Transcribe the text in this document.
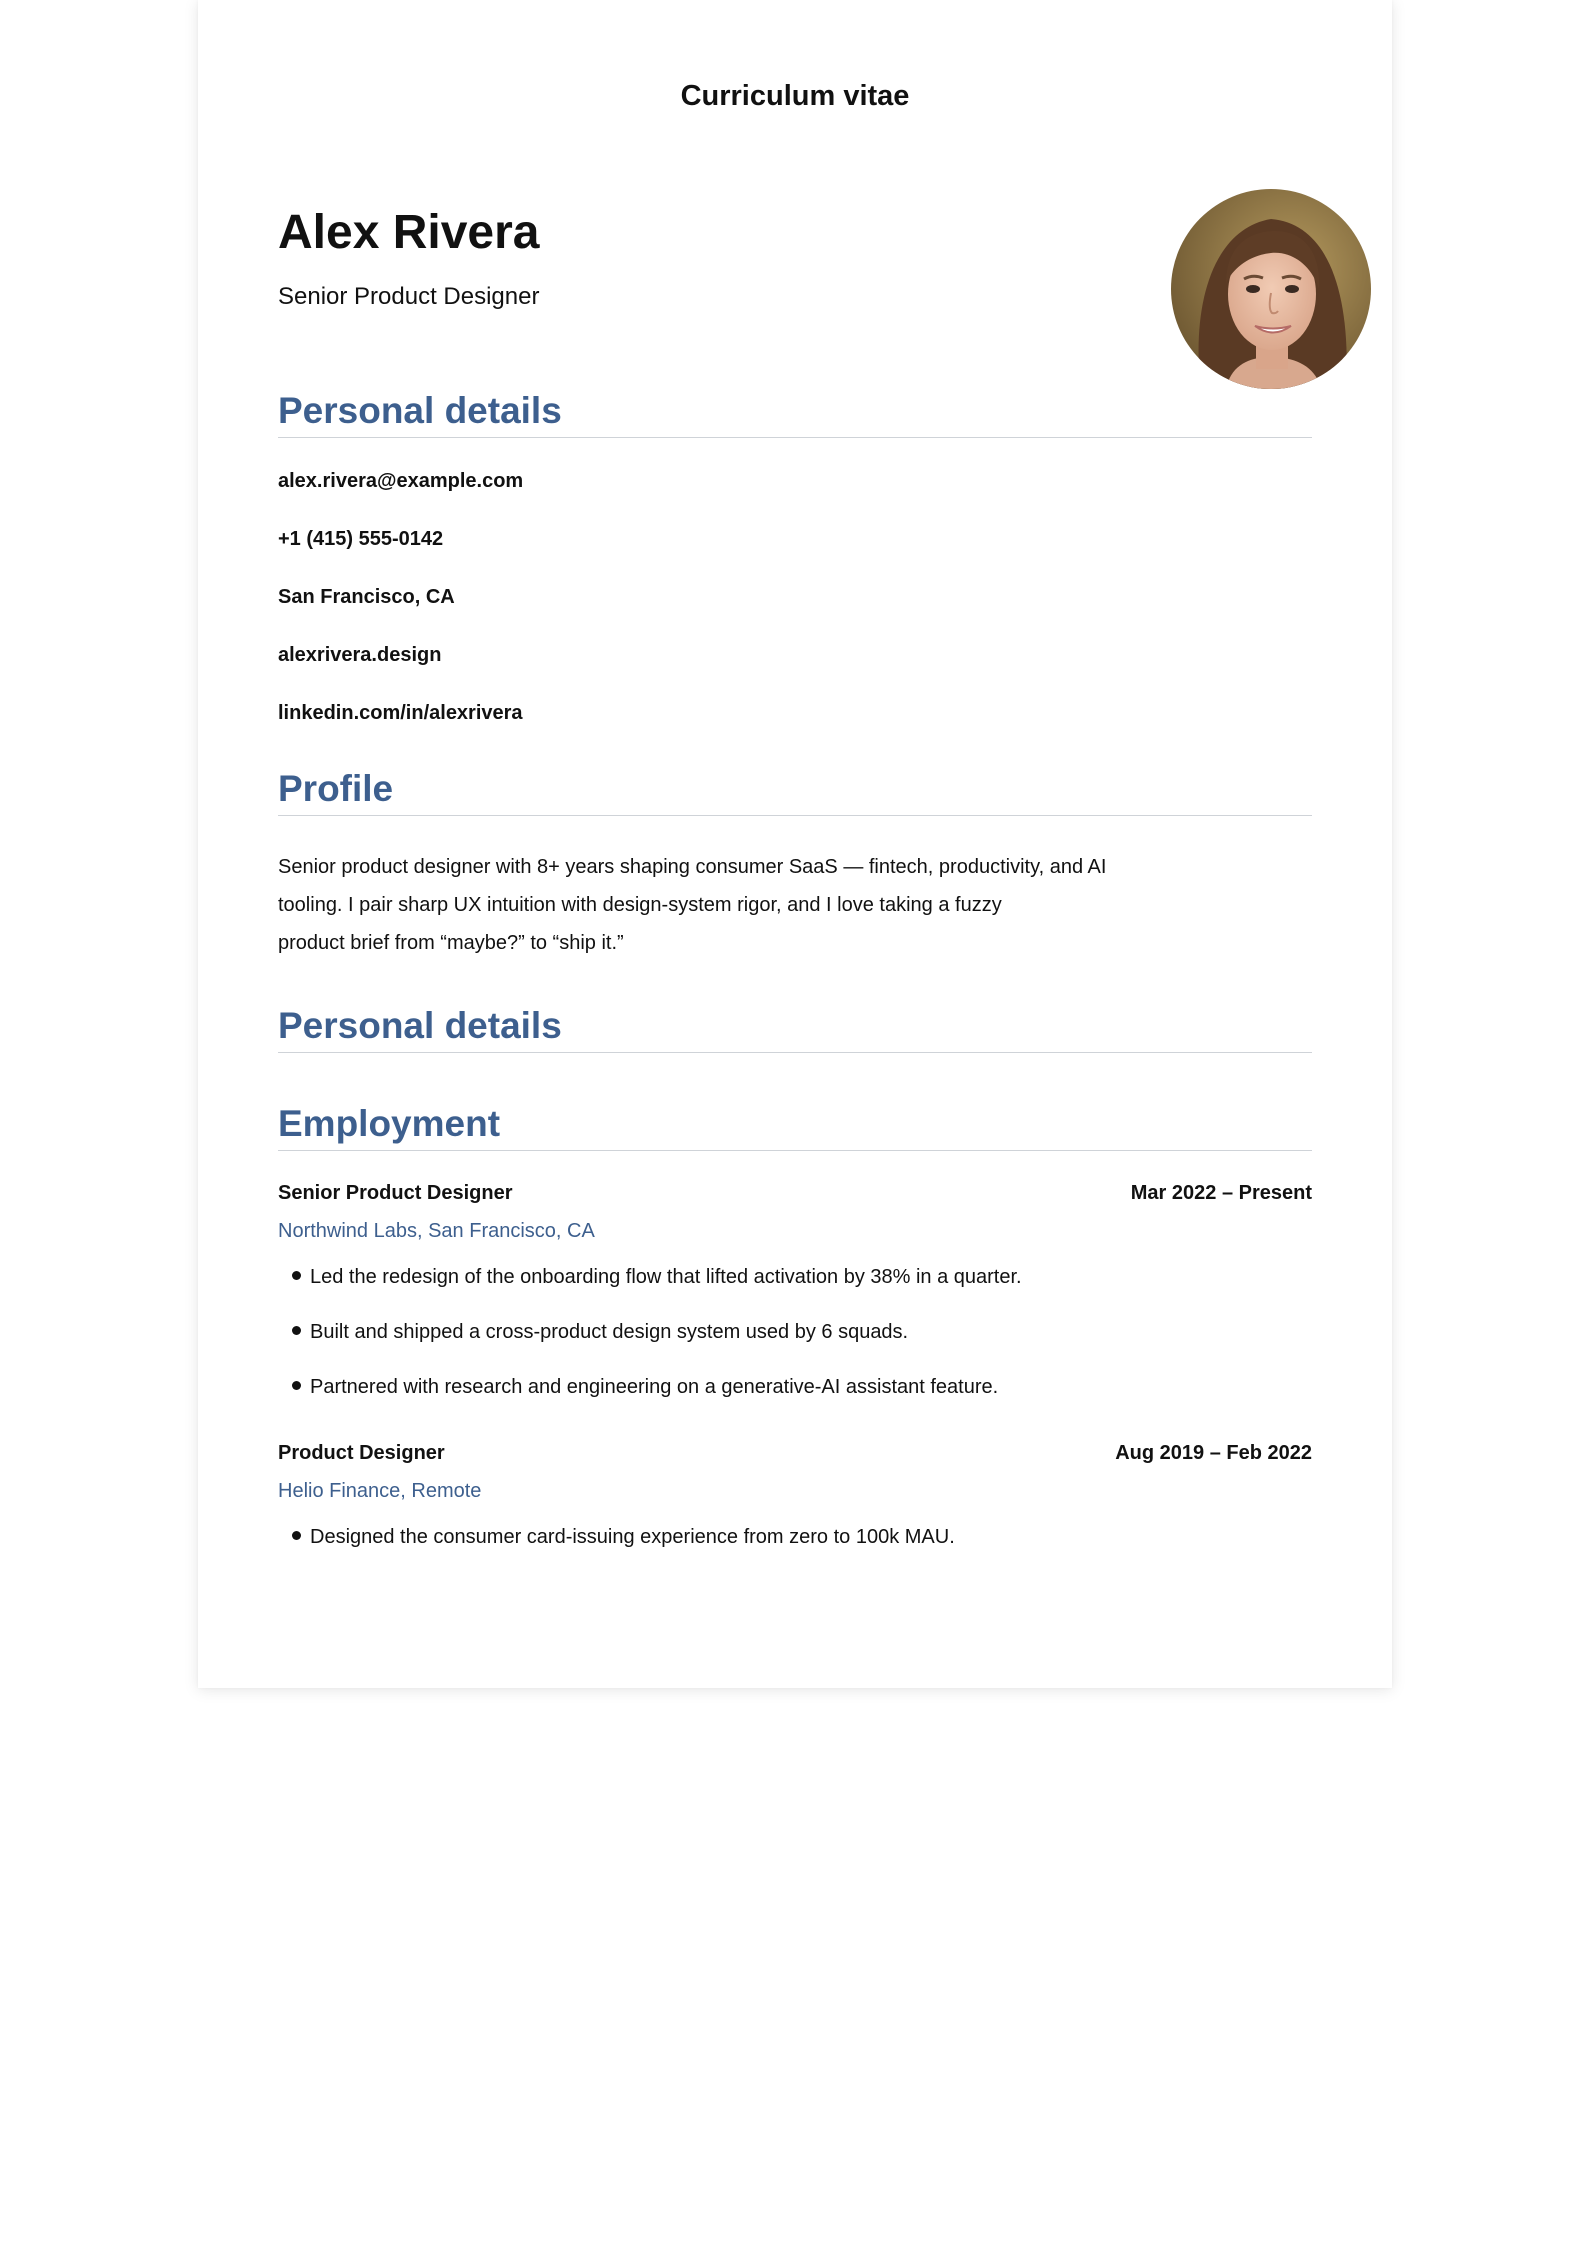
Curriculum vitae
Alex Rivera
Senior Product Designer
Personal details
alex.rivera@example.com
+1 (415) 555-0142
San Francisco, CA
alexrivera.design
linkedin.com/in/alexrivera
Profile
Senior product designer with 8+ years shaping consumer SaaS — fintech, productivity, and AI
tooling. I pair sharp UX intuition with design-system rigor, and I love taking a fuzzy
product brief from “maybe?” to “ship it.”
Personal details
Employment
Senior Product Designer	Mar 2022 – Present
Northwind Labs, San Francisco, CA
Led the redesign of the onboarding flow that lifted activation by 38% in a quarter.
Built and shipped a cross-product design system used by 6 squads.
Partnered with research and engineering on a generative-AI assistant feature.
Product Designer	Aug 2019 – Feb 2022
Helio Finance, Remote
Designed the consumer card-issuing experience from zero to 100k MAU.
